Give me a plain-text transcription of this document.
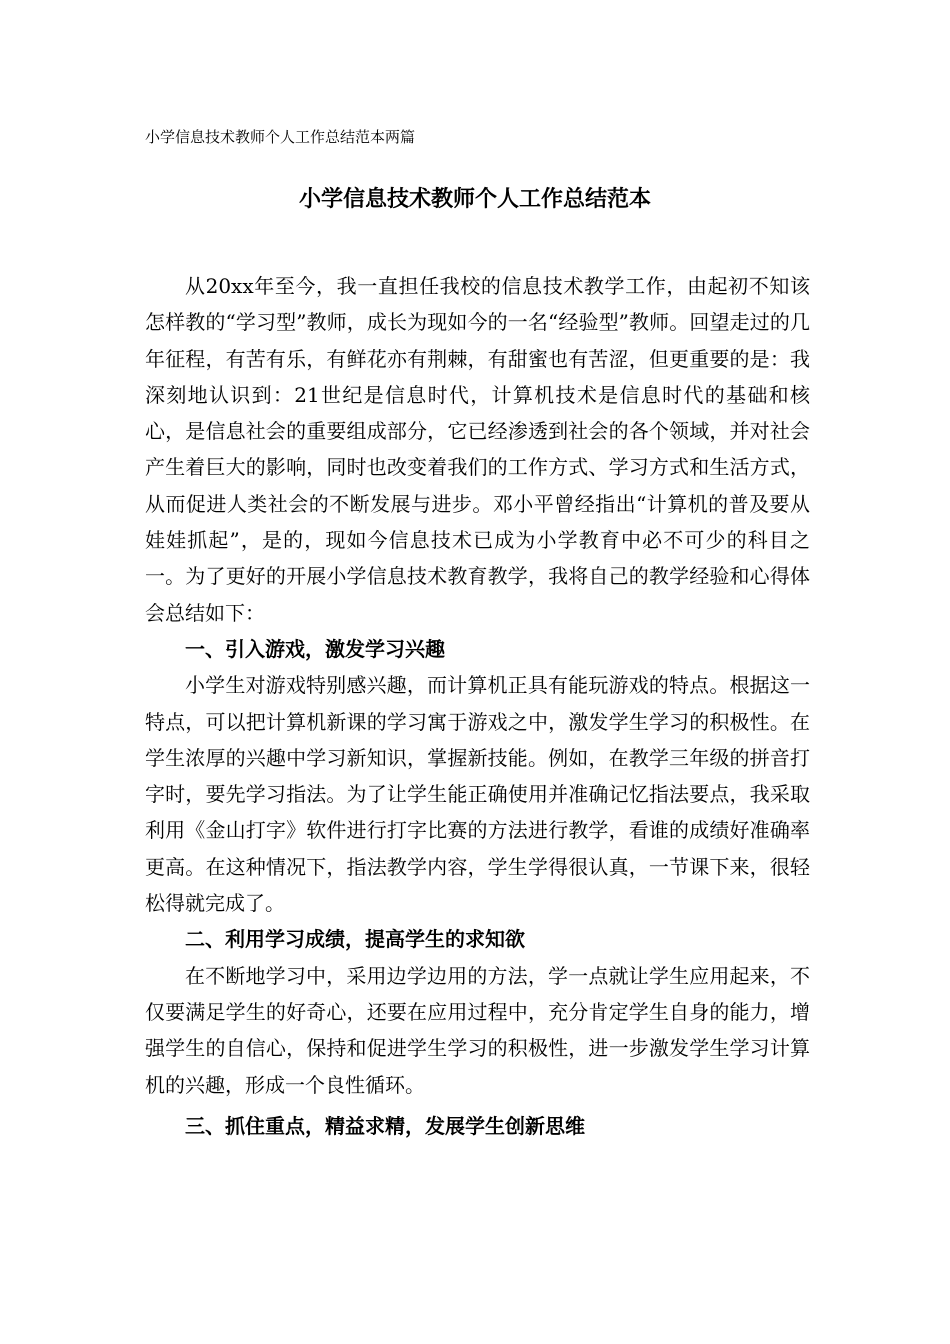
小学信息技术教师个人工作总结范本两篇
小学信息技术教师个人工作总结范本

从20xx年至今，我一直担任我校的信息技术教学工作，由起初不知该怎样教的“学习型”教师，成长为现如今的一名“经验型”教师。回望走过的几年征程，有苦有乐，有鲜花亦有荆棘，有甜蜜也有苦涩，但更重要的是：我深刻地认识到：21世纪是信息时代，计算机技术是信息时代的基础和核心，是信息社会的重要组成部分，它已经渗透到社会的各个领域，并对社会产生着巨大的影响，同时也改变着我们的工作方式、学习方式和生活方式，从而促进人类社会的不断发展与进步。邓小平曾经指出“计算机的普及要从娃娃抓起”，是的，现如今信息技术已成为小学教育中必不可少的科目之一。为了更好的开展小学信息技术教育教学，我将自己的教学经验和心得体会总结如下：

一、引入游戏，激发学习兴趣

小学生对游戏特别感兴趣，而计算机正具有能玩游戏的特点。根据这一特点，可以把计算机新课的学习寓于游戏之中，激发学生学习的积极性。在学生浓厚的兴趣中学习新知识，掌握新技能。例如，在教学三年级的拼音打字时，要先学习指法。为了让学生能正确使用并准确记忆指法要点，我采取利用《金山打字》软件进行打字比赛的方法进行教学，看谁的成绩好准确率更高。在这种情况下，指法教学内容，学生学得很认真，一节课下来，很轻松得就完成了。

二、利用学习成绩，提高学生的求知欲

在不断地学习中，采用边学边用的方法，学一点就让学生应用起来，不仅要满足学生的好奇心，还要在应用过程中，充分肯定学生自身的能力，增强学生的自信心，保持和促进学生学习的积极性，进一步激发学生学习计算机的兴趣，形成一个良性循环。

三、抓住重点，精益求精，发展学生创新思维
